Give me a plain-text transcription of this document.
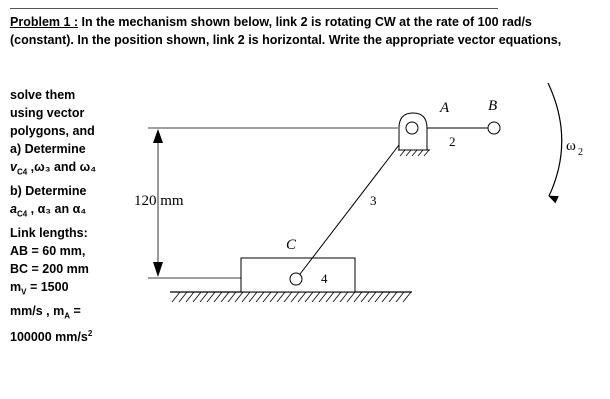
Problem 1 : In the mechanism shown below, link 2 is rotating CW at the rate of 100 rad/s (constant). In the position shown, link 2 is horizontal. Write the appropriate vector equations,
solve them
using vector
polygons, and
a) Determine
$v_{C4}$ ,ω₃ and ω₄
b) Determine
$a_{C4}$ , α₃ an α₄
Link lengths:
AB = 60 mm,
BC = 200 mm
$m_V = 1500$
mm/s , $m_A$ =
100000 $mm/s^2$
120 mm
A	B
C
2
3
4
ω 2
